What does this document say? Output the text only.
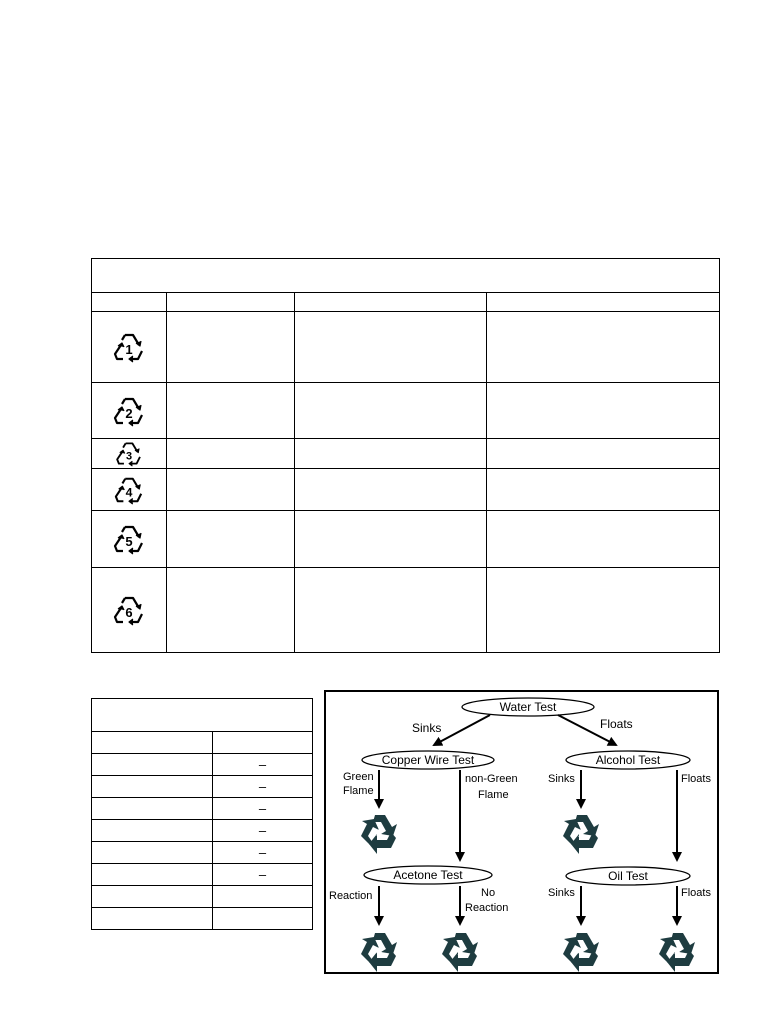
1			

2			

3			

4			

5			

6			

	–
	–
	–
	–
	–
	–

Water Test
Sinks	Floats
Copper Wire Test	Alcohol Test
Green
Flame
non-Green
Flame
3
Sinks	Floats
2
Acetone Test	Oil Test
Reaction	No
Reaction
6	1
Sinks	Floats
4	5
